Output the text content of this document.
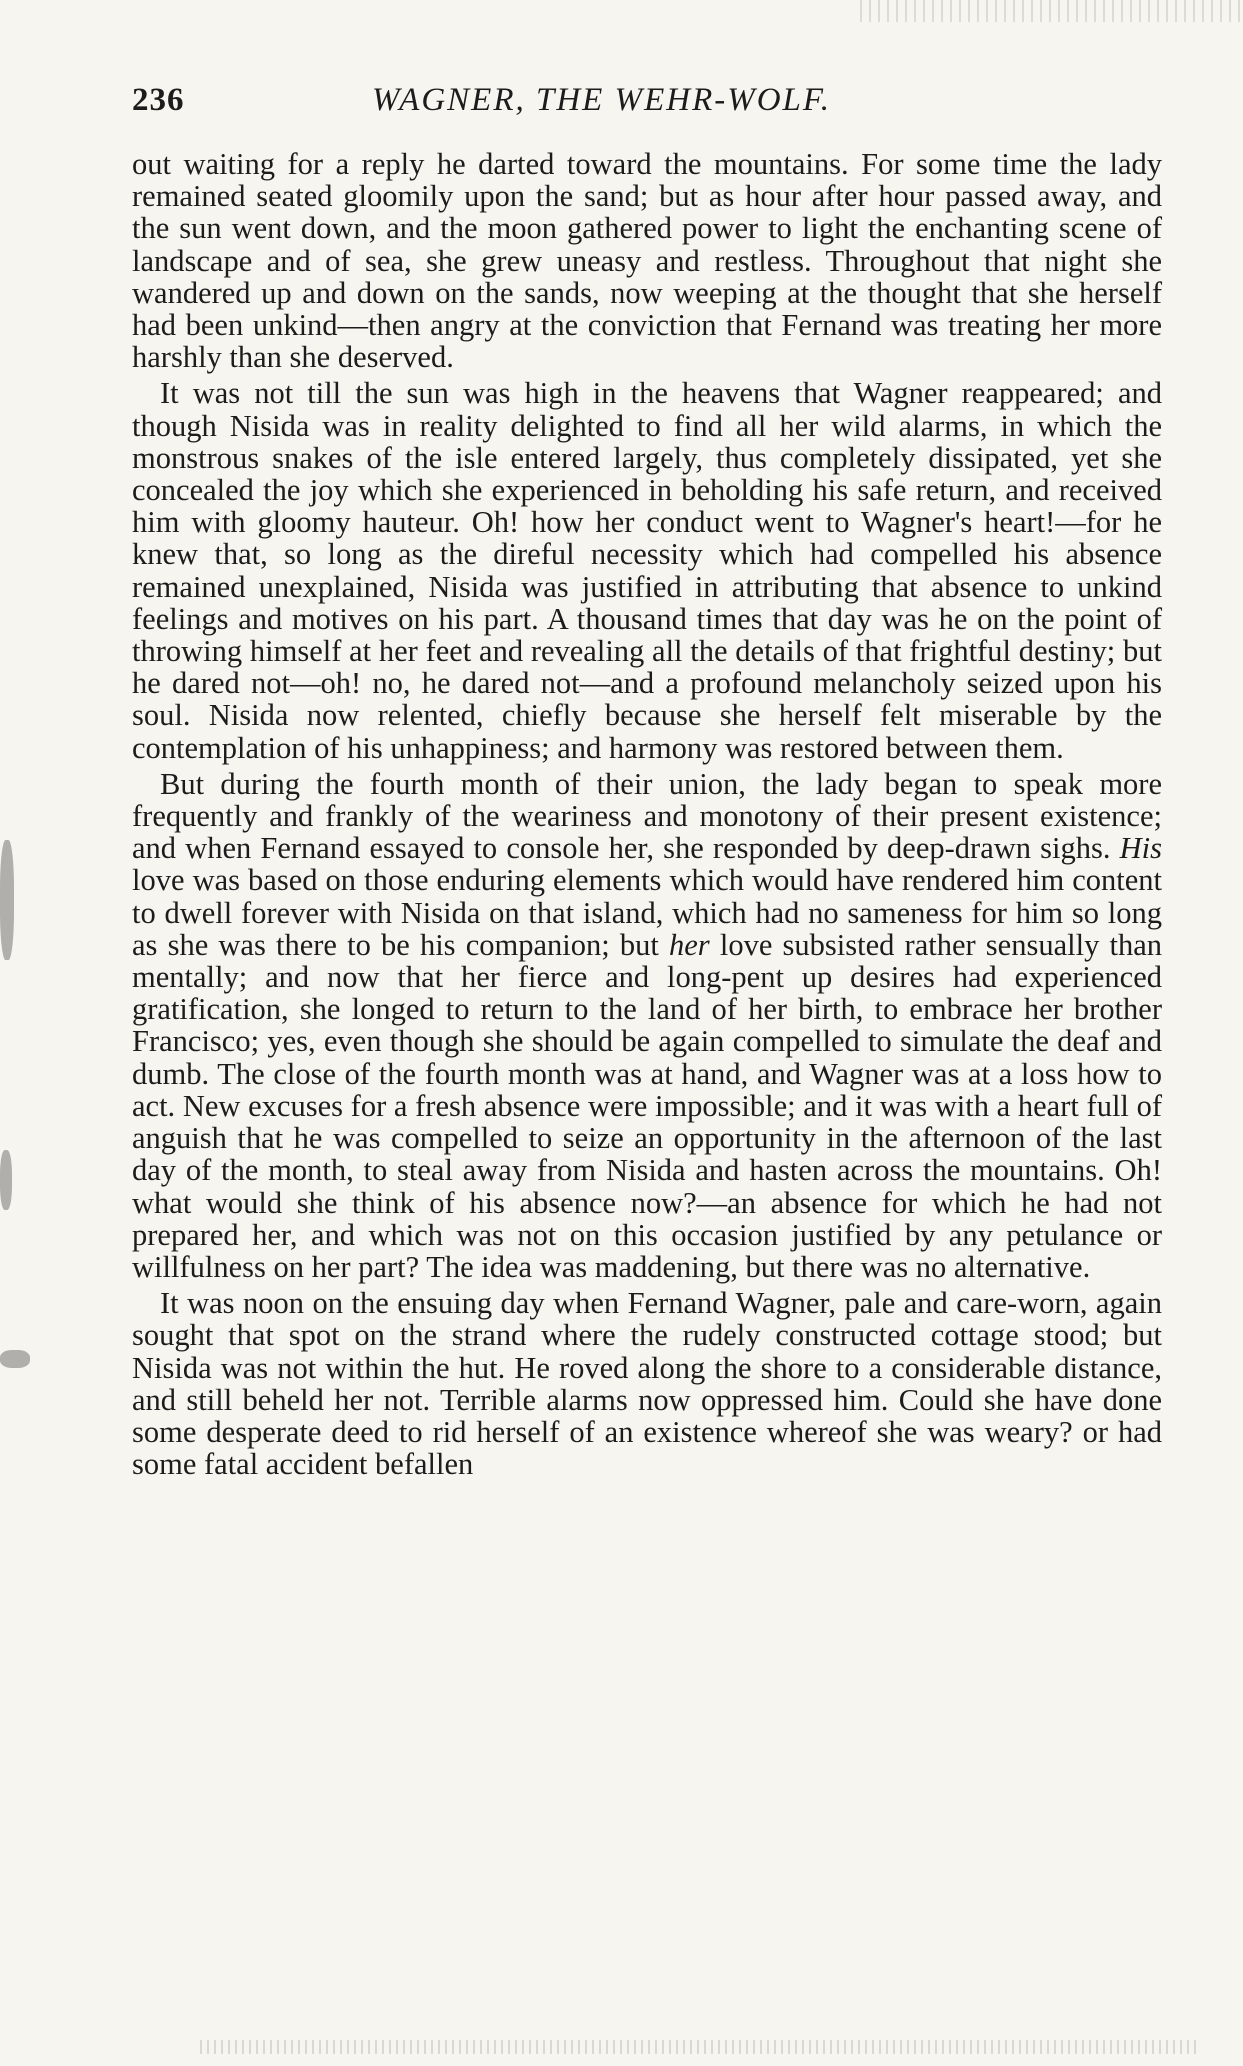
236	WAGNER, THE WEHR-WOLF.

out waiting for a reply he darted toward the mountains. For some time the lady remained seated gloomily upon the sand; but as hour after hour passed away, and the sun went down, and the moon gathered power to light the enchanting scene of landscape and of sea, she grew uneasy and restless. Throughout that night she wandered up and down on the sands, now weeping at the thought that she herself had been unkind—then angry at the conviction that Fernand was treating her more harshly than she deserved.

It was not till the sun was high in the heavens that Wagner reappeared; and though Nisida was in reality delighted to find all her wild alarms, in which the monstrous snakes of the isle entered largely, thus completely dissipated, yet she concealed the joy which she experienced in beholding his safe return, and received him with gloomy hauteur. Oh! how her conduct went to Wagner's heart!—for he knew that, so long as the direful necessity which had compelled his absence remained unexplained, Nisida was justified in attributing that absence to unkind feelings and motives on his part. A thousand times that day was he on the point of throwing himself at her feet and revealing all the details of that frightful destiny; but he dared not—oh! no, he dared not—and a profound melancholy seized upon his soul. Nisida now relented, chiefly because she herself felt miserable by the contemplation of his unhappiness; and harmony was restored between them.

But during the fourth month of their union, the lady began to speak more frequently and frankly of the weariness and monotony of their present existence; and when Fernand essayed to console her, she responded by deep-drawn sighs. His love was based on those enduring elements which would have rendered him content to dwell forever with Nisida on that island, which had no sameness for him so long as she was there to be his companion; but her love subsisted rather sensually than mentally; and now that her fierce and long-pent up desires had experienced gratification, she longed to return to the land of her birth, to embrace her brother Francisco; yes, even though she should be again compelled to simulate the deaf and dumb. The close of the fourth month was at hand, and Wagner was at a loss how to act. New excuses for a fresh absence were impossible; and it was with a heart full of anguish that he was compelled to seize an opportunity in the afternoon of the last day of the month, to steal away from Nisida and hasten across the mountains. Oh! what would she think of his absence now?—an absence for which he had not prepared her, and which was not on this occasion justified by any petulance or willfulness on her part? The idea was maddening, but there was no alternative.

It was noon on the ensuing day when Fernand Wagner, pale and care-worn, again sought that spot on the strand where the rudely constructed cottage stood; but Nisida was not within the hut. He roved along the shore to a considerable distance, and still beheld her not. Terrible alarms now oppressed him. Could she have done some desperate deed to rid herself of an existence whereof she was weary? or had some fatal accident befallen
